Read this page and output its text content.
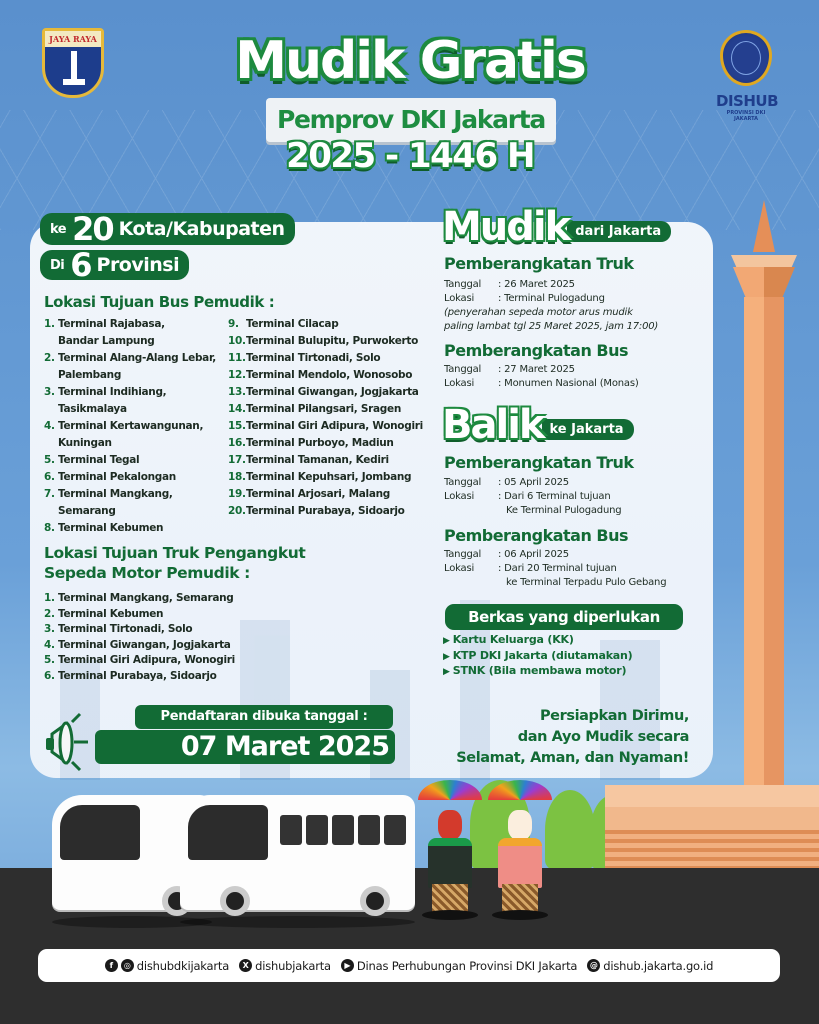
JAYA RAYA
DISHUB
PROVINSI DKI JAKARTA
Mudik Gratis
Pemprov DKI Jakarta
2025 - 1446 H
ke 20 Kota/Kabupaten
Di 6 Provinsi
Lokasi Tujuan Bus Pemudik :
1. Terminal Rajabasa,
Bandar Lampung
2. Terminal Alang-Alang Lebar,
Palembang
3. Terminal Indihiang,
Tasikmalaya
4. Terminal Kertawangunan,
Kuningan
5. Terminal Tegal
6. Terminal Pekalongan
7. Terminal Mangkang,
Semarang
8. Terminal Kebumen
9. Terminal Cilacap
10. Terminal Bulupitu, Purwokerto
11. Terminal Tirtonadi, Solo
12. Terminal Mendolo, Wonosobo
13. Terminal Giwangan, Jogjakarta
14. Terminal Pilangsari, Sragen
15. Terminal Giri Adipura, Wonogiri
16. Terminal Purboyo, Madiun
17. Terminal Tamanan, Kediri
18. Terminal Kepuhsari, Jombang
19. Terminal Arjosari, Malang
20. Terminal Purabaya, Sidoarjo
Lokasi Tujuan Truk Pengangkut
Sepeda Motor Pemudik :
1. Terminal Mangkang, Semarang
2. Terminal Kebumen
3. Terminal Tirtonadi, Solo
4. Terminal Giwangan, Jogjakarta
5. Terminal Giri Adipura, Wonogiri
6. Terminal Purabaya, Sidoarjo
Pendaftaran dibuka tanggal :
07 Maret 2025
Mudik dari Jakarta
Pemberangkatan Truk
Tanggal	: 26 Maret 2025
Lokasi	: Terminal Pulogadung
(penyerahan sepeda motor arus mudik
paling lambat tgl 25 Maret 2025, jam 17:00)
Pemberangkatan Bus
Tanggal	: 27 Maret 2025
Lokasi	: Monumen Nasional (Monas)
Balik ke Jakarta
Pemberangkatan Truk
Tanggal	: 05 April 2025
Lokasi	: Dari 6 Terminal tujuan
Ke Terminal Pulogadung
Pemberangkatan Bus
Tanggal	: 06 April 2025
Lokasi	: Dari 20 Terminal tujuan
ke Terminal Terpadu Pulo Gebang
Berkas yang diperlukan
▶ Kartu Keluarga (KK)
▶ KTP DKI Jakarta (diutamakan)
▶ STNK (Bila membawa motor)
Persiapkan Dirimu,
dan Ayo Mudik secara
Selamat, Aman, dan Nyaman!
f	◎ dishubdkijakarta	X dishubjakarta	▶ Dinas Perhubungan Provinsi DKI Jakarta	@ dishub.jakarta.go.id
